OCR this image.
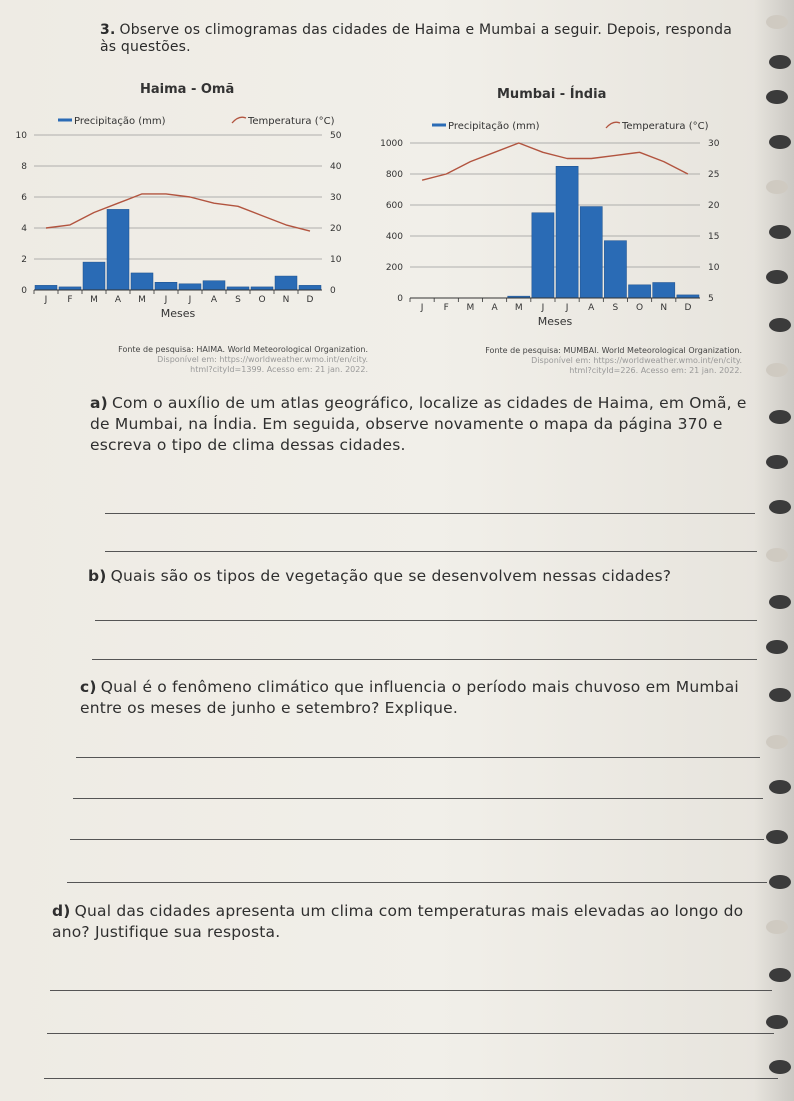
3. Observe os climogramas das cidades de Haima e Mumbai a seguir. Depois, responda às questões.
Haima - Omã
Precipitação (mm)	Temperatura (°C)
0
2
4
6
8
10
0
10
20
30
40
50
J F M A M J J A S O N D
Meses
Fonte de pesquisa: HAIMA. World Meteorological Organization.
Disponível em: https://worldweather.wmo.int/en/city.
html?cityId=1399. Acesso em: 21 jan. 2022.
Mumbai - Índia
Precipitação (mm)	Temperatura (°C)
0
200
400
600
800
1000
5
10
15
20
25
30
J F M A M J J A S O N D
Meses
Fonte de pesquisa: MUMBAI. World Meteorological Organization.
Disponível em: https://worldweather.wmo.int/en/city.
html?cityId=226. Acesso em: 21 jan. 2022.
a) Com o auxílio de um atlas geográfico, localize as cidades de Haima, em Omã, e de Mumbai, na Índia. Em seguida, observe novamente o mapa da página 370 e escreva o tipo de clima dessas cidades.
b) Quais são os tipos de vegetação que se desenvolvem nessas cidades?
c) Qual é o fenômeno climático que influencia o período mais chuvoso em Mumbai entre os meses de junho e setembro? Explique.
d) Qual das cidades apresenta um clima com temperaturas mais elevadas ao longo do ano? Justifique sua resposta.
